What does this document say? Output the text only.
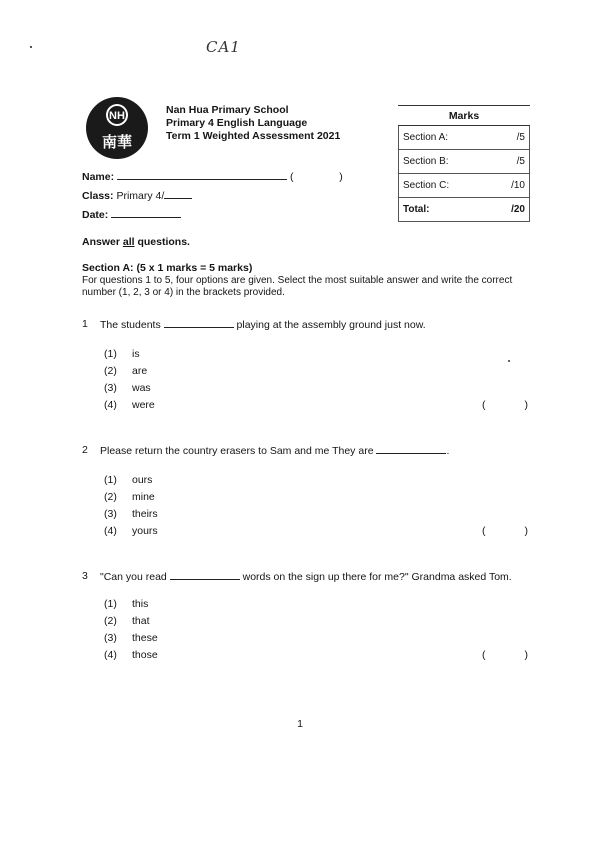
CA1
NH
南華
Nan Hua Primary School
Primary 4 English Language
Term 1 Weighted Assessment 2021
Marks
Section A:	/5
Section B:	/5
Section C:	/10
Total:	/20
Name:	(	)
Class: Primary 4/
Date:
Answer all questions.
Section A: (5 x 1 marks = 5 marks)
For questions 1 to 5, four options are given. Select the most suitable answer and write the correct number (1, 2, 3 or 4) in the brackets provided.
1	The students	playing at the assembly ground just now.
(1)	is
(2)	are
(3)	was
(4)	were	(	)
2	Please return the country erasers to Sam and me They are	.
(1)	ours
(2)	mine
(3)	theirs
(4)	yours	(	)
3	"Can you read	words on the sign up there for me?" Grandma asked Tom.
(1)	this
(2)	that
(3)	these
(4)	those	(	)
1
